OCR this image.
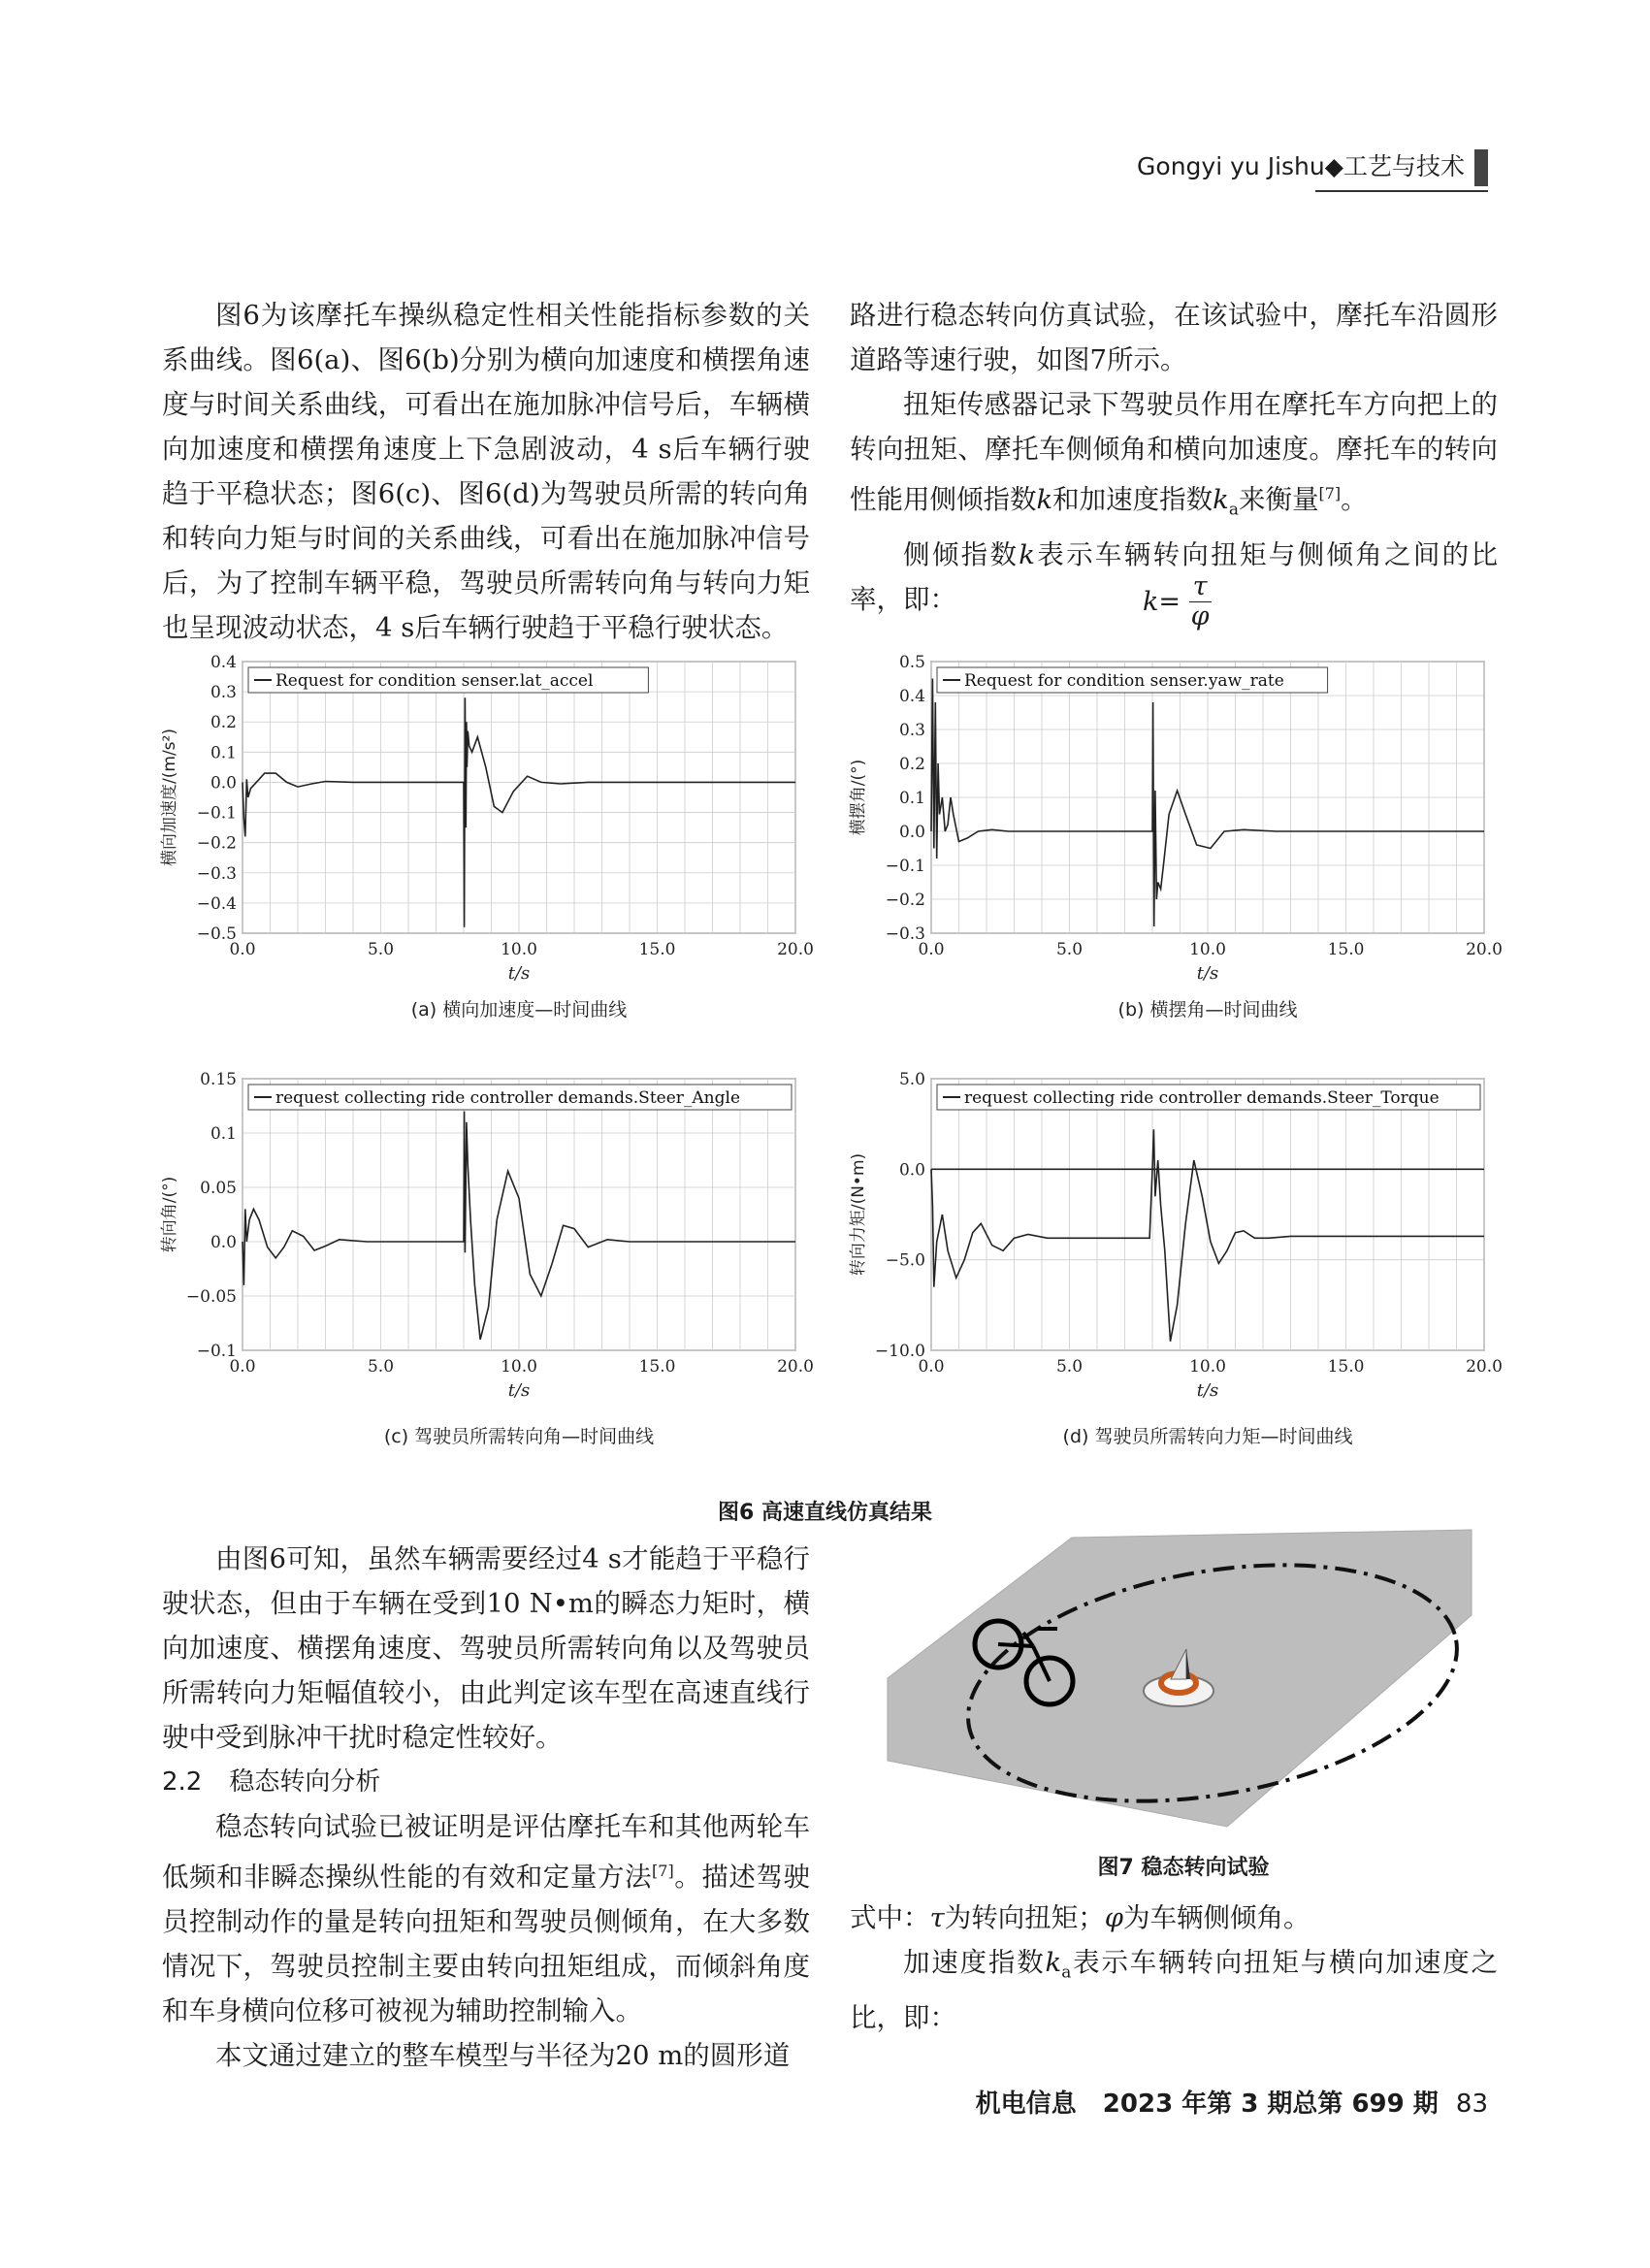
Gongyi yu Jishu◆工艺与技术

图6为该摩托车操纵稳定性相关性能指标参数的关系曲线。图6(a)、图6(b)分别为横向加速度和横摆角速度与时间关系曲线，可看出在施加脉冲信号后，车辆横向加速度和横摆角速度上下急剧波动，4 s后车辆行驶趋于平稳状态；图6(c)、图6(d)为驾驶员所需的转向角和转向力矩与时间的关系曲线，可看出在施加脉冲信号后，为了控制车辆平稳，驾驶员所需转向角与转向力矩也呈现波动状态，4 s后车辆行驶趋于平稳行驶状态。

路进行稳态转向仿真试验，在该试验中，摩托车沿圆形道路等速行驶，如图7所示。

扭矩传感器记录下驾驶员作用在摩托车方向把上的转向扭矩、摩托车侧倾角和横向加速度。摩托车的转向性能用侧倾指数k和加速度指数$k_a$来衡量[7]。

侧倾指数k表示车辆转向扭矩与侧倾角之间的比率，即：	$k= \frac{\tau}{\varphi}$
0.4
0.3
0.2
0.1
0.0
−0.1
−0.2
−0.3
−0.4
−0.5
0.0	5.0	10.0	15.0	20.0
t/s
横向加速度/(m/s²)
Request for condition senser.lat_accel
(a) 横向加速度—时间曲线
0.5
0.4
0.3
0.2
0.1
0.0
−0.1
−0.2
−0.3
0.0	5.0	10.0	15.0	20.0
t/s
横摆角/(°)
Request for condition senser.yaw_rate
(b) 横摆角—时间曲线
0.15
0.1
0.05
0.0
−0.05
−0.1
0.0	5.0	10.0	15.0	20.0
t/s
转向角/(°)
request collecting ride controller demands.Steer_Angle
(c) 驾驶员所需转向角—时间曲线
5.0
0.0
−5.0
−10.0
0.0	5.0	10.0	15.0	20.0
t/s
转向力矩/(N•m)
request collecting ride controller demands.Steer_Torque
(d) 驾驶员所需转向力矩—时间曲线
图6 高速直线仿真结果

由图6可知，虽然车辆需要经过4 s才能趋于平稳行驶状态，但由于车辆在受到10 N•m的瞬态力矩时，横向加速度、横摆角速度、驾驶员所需转向角以及驾驶员所需转向力矩幅值较小，由此判定该车型在高速直线行驶中受到脉冲干扰时稳定性较好。

2.2 稳态转向分析

稳态转向试验已被证明是评估摩托车和其他两轮车低频和非瞬态操纵性能的有效和定量方法[7]。描述驾驶员控制动作的量是转向扭矩和驾驶员侧倾角，在大多数情况下，驾驶员控制主要由转向扭矩组成，而倾斜角度和车身横向位移可被视为辅助控制输入。

本文通过建立的整车模型与半径为20 m的圆形道

图7 稳态转向试验

式中：τ为转向扭矩；φ为车辆侧倾角。

加速度指数$k_a$表示车辆转向扭矩与横向加速度之比，即：

机电信息 2023 年第 3 期总第 699 期 83
